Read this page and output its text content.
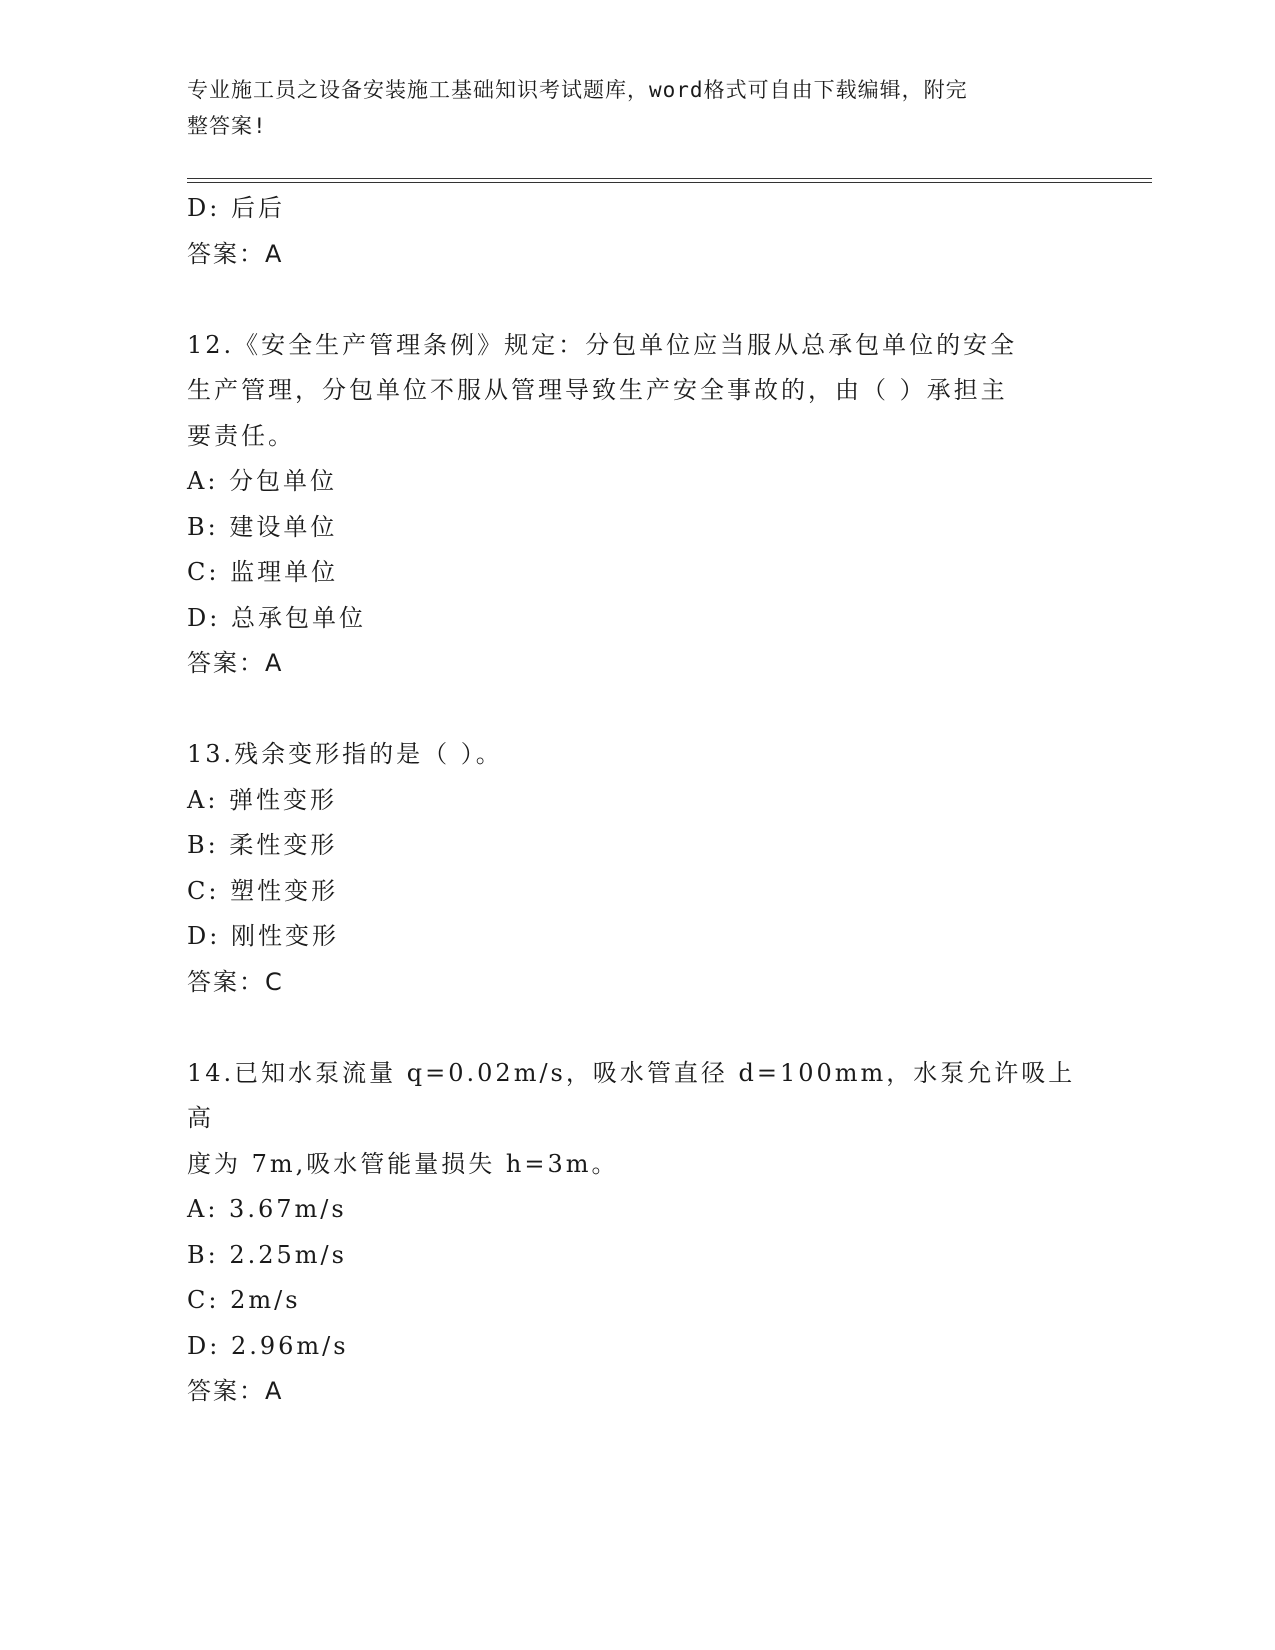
专业施工员之设备安装施工基础知识考试题库，word格式可自由下载编辑，附完
整答案!
D: 后后
答案：A
12.《安全生产管理条例》规定：分包单位应当服从总承包单位的安全
生产管理，分包单位不服从管理导致生产安全事故的，由（ ）承担主
要责任。
A: 分包单位
B: 建设单位
C: 监理单位
D: 总承包单位
答案：A
13.残余变形指的是（ ）。
A: 弹性变形
B: 柔性变形
C: 塑性变形
D: 刚性变形
答案：C
14.已知水泵流量 q=0.02m/s，吸水管直径 d=100mm，水泵允许吸上高
度为 7m,吸水管能量损失 h=3m。
A: 3.67m/s
B: 2.25m/s
C: 2m/s
D: 2.96m/s
答案：A
